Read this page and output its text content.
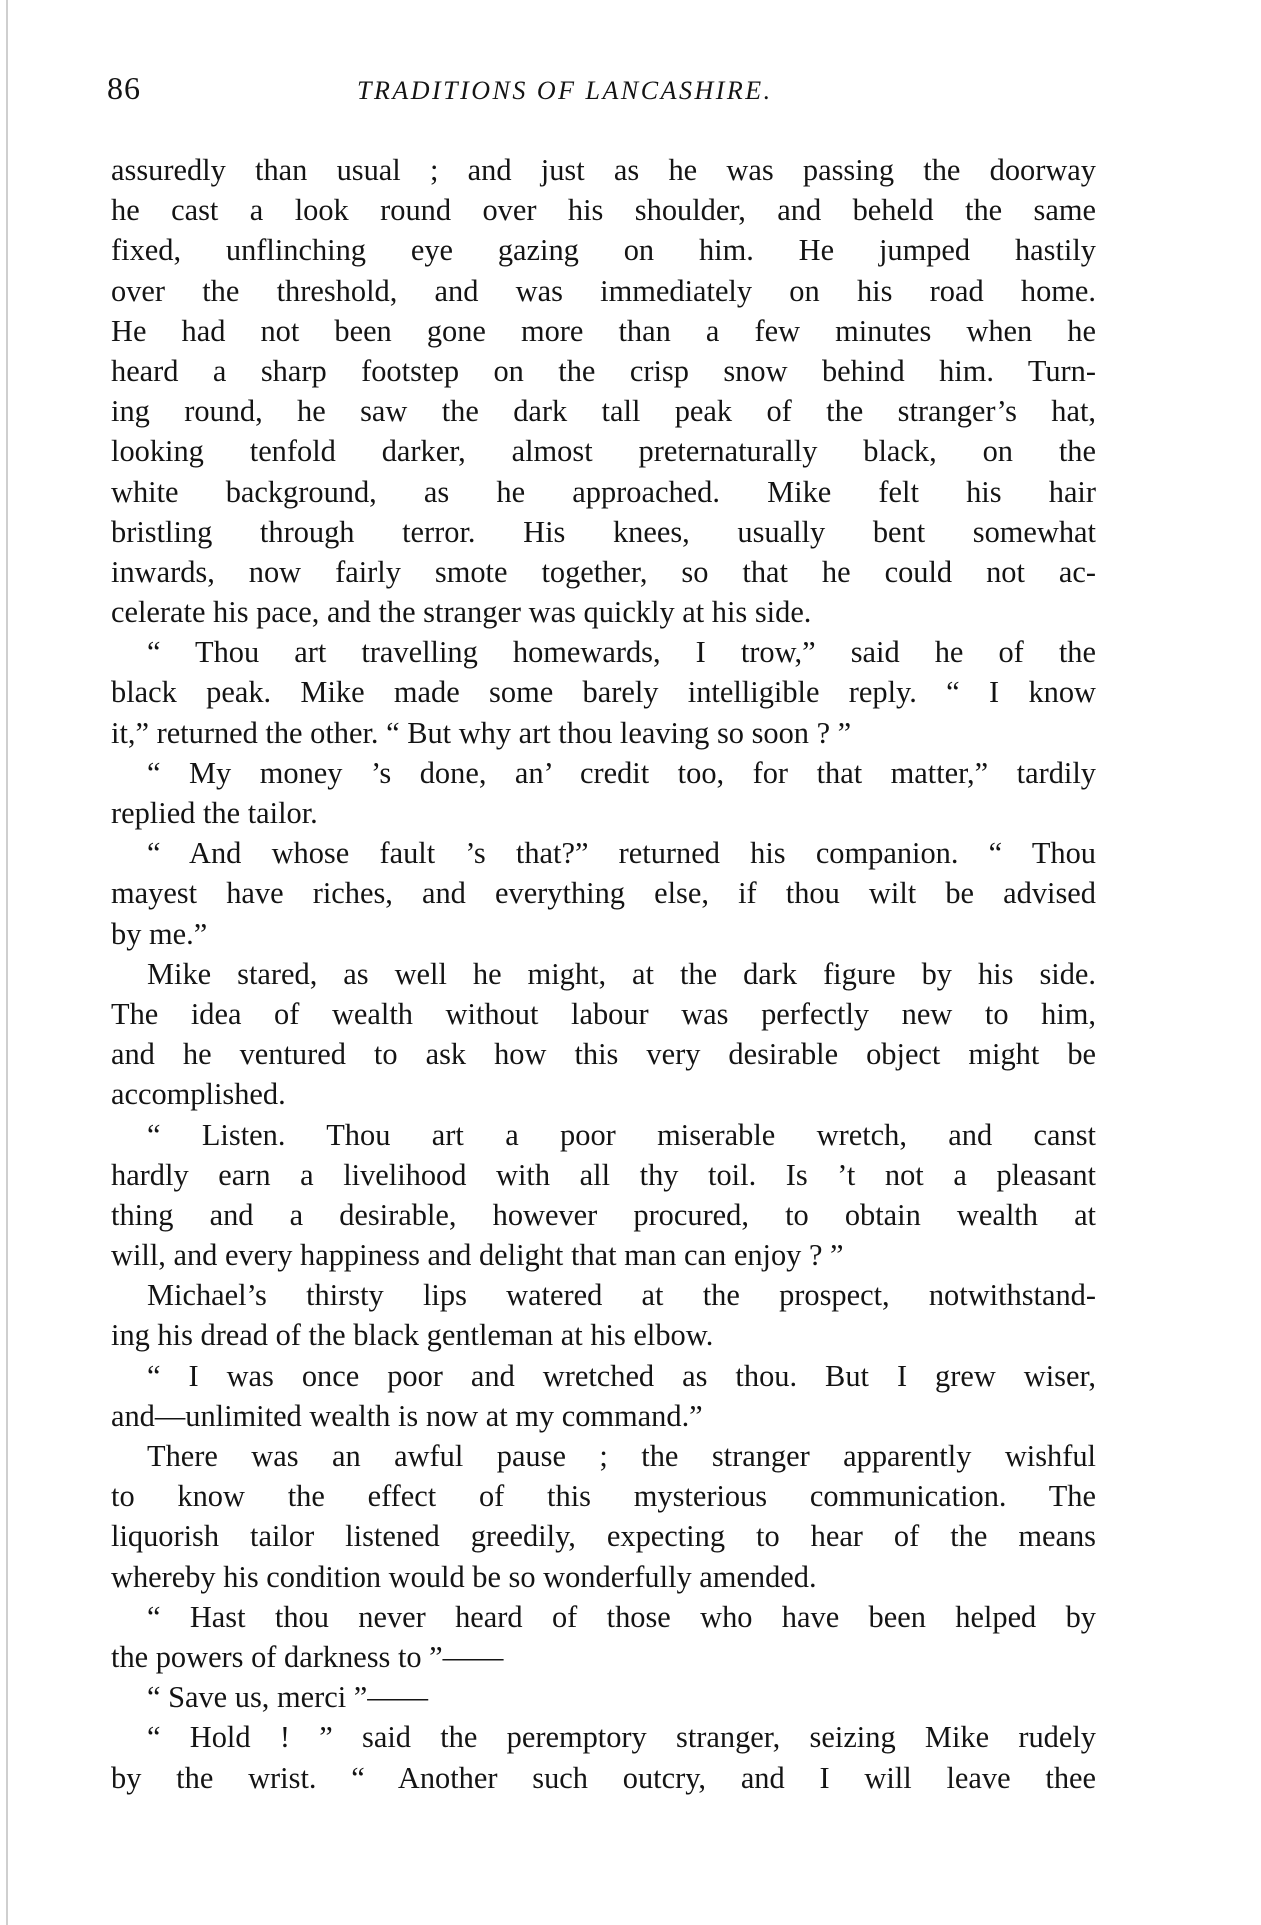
86	TRADITIONS OF LANCASHIRE.
assuredly than usual ; and just as he was passing the doorway
he cast a look round over his shoulder, and beheld the same
fixed, unflinching eye gazing on him. He jumped hastily
over the threshold, and was immediately on his road home.
He had not been gone more than a few minutes when he
heard a sharp footstep on the crisp snow behind him. Turn-
ing round, he saw the dark tall peak of the stranger’s hat,
looking tenfold darker, almost preternaturally black, on the
white background, as he approached. Mike felt his hair
bristling through terror. His knees, usually bent somewhat
inwards, now fairly smote together, so that he could not ac-
celerate his pace, and the stranger was quickly at his side.
“ Thou art travelling homewards, I trow,” said he of the
black peak. Mike made some barely intelligible reply. “ I know
it,” returned the other. “ But why art thou leaving so soon ? ”
“ My money ’s done, an’ credit too, for that matter,” tardily
replied the tailor.
“ And whose fault ’s that?” returned his companion. “ Thou
mayest have riches, and everything else, if thou wilt be advised
by me.”
Mike stared, as well he might, at the dark figure by his side.
The idea of wealth without labour was perfectly new to him,
and he ventured to ask how this very desirable object might be
accomplished.
“ Listen. Thou art a poor miserable wretch, and canst
hardly earn a livelihood with all thy toil. Is ’t not a pleasant
thing and a desirable, however procured, to obtain wealth at
will, and every happiness and delight that man can enjoy ? ”
Michael’s thirsty lips watered at the prospect, notwithstand-
ing his dread of the black gentleman at his elbow.
“ I was once poor and wretched as thou. But I grew wiser,
and—unlimited wealth is now at my command.”
There was an awful pause ; the stranger apparently wishful
to know the effect of this mysterious communication. The
liquorish tailor listened greedily, expecting to hear of the means
whereby his condition would be so wonderfully amended.
“ Hast thou never heard of those who have been helped by
the powers of darkness to ”——
“ Save us, merci ”——
“ Hold ! ” said the peremptory stranger, seizing Mike rudely
by the wrist. “ Another such outcry, and I will leave thee
